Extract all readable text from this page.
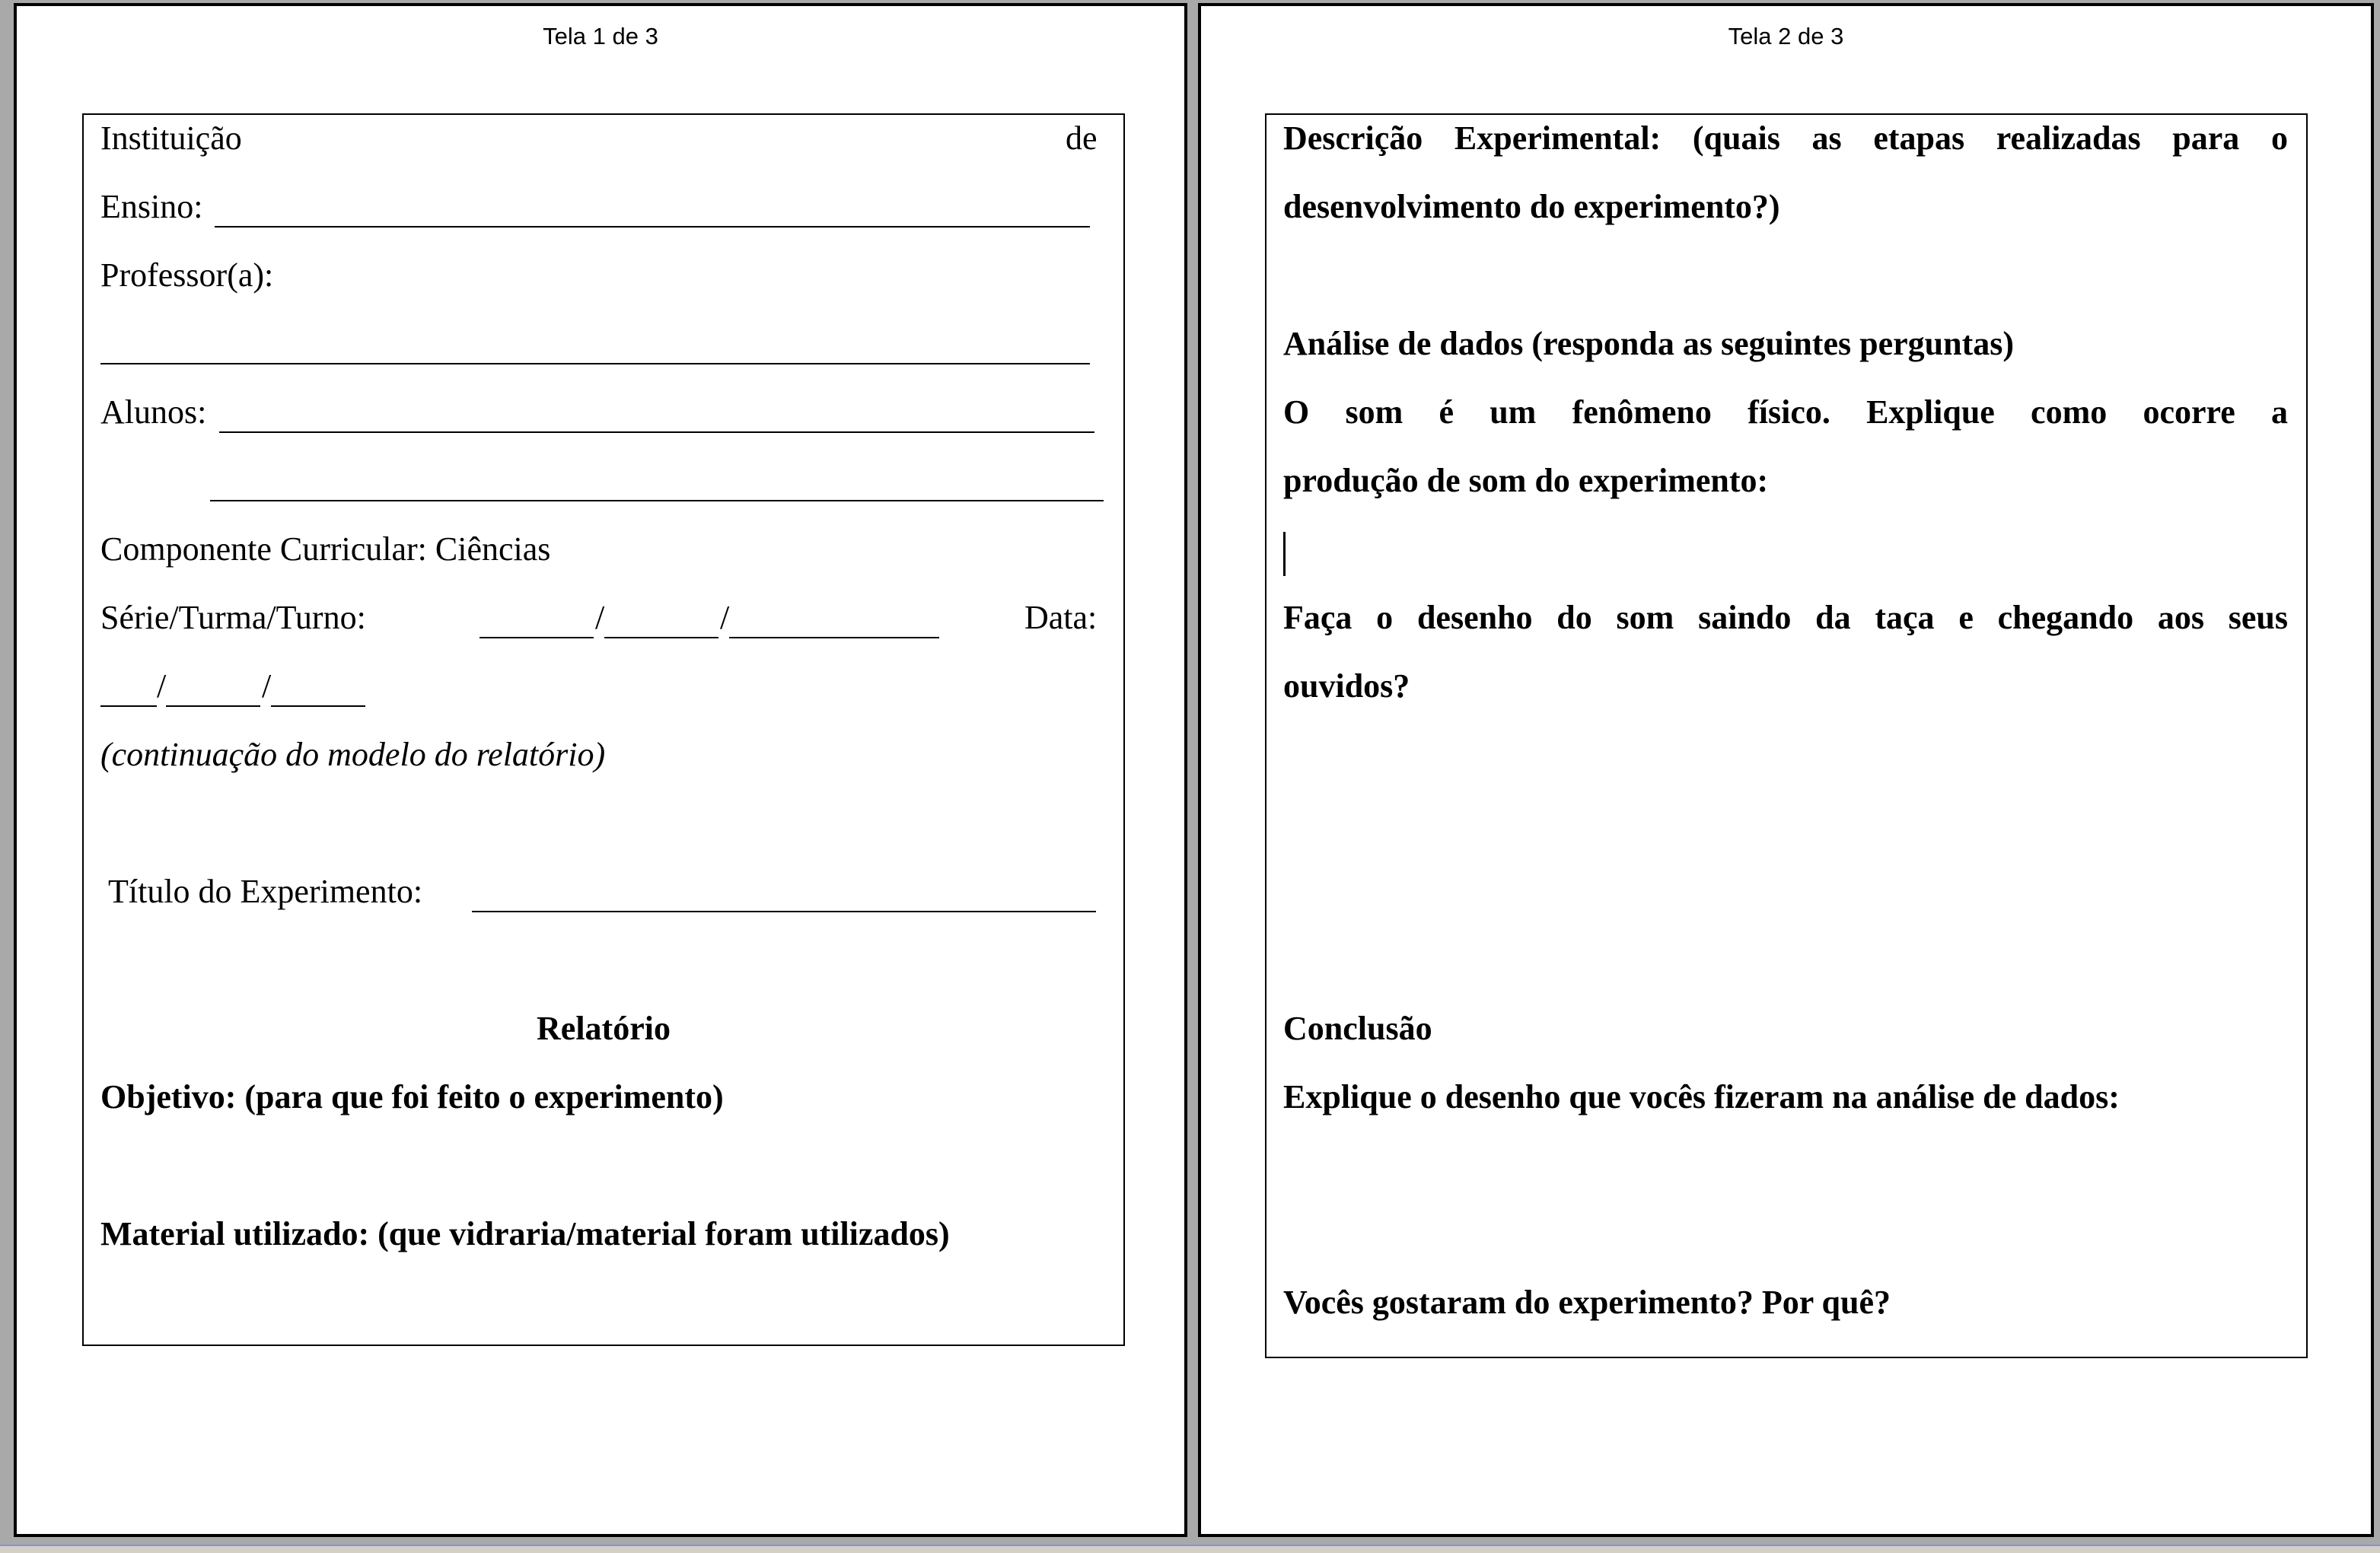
Tela 1 de 3
Instituição	de
Ensino:
Professor(a):
Alunos:
Componente Curricular: Ciências
Série/Turma/Turno:	/	/	Data:
/	/
(continuação do modelo do relatório)
Título do Experimento:
Relatório
Objetivo: (para que foi feito o experimento)
Material utilizado: (que vidraria/material foram utilizados)
Tela 2 de 3
Descrição Experimental: (quais as etapas realizadas para o
desenvolvimento do experimento?)
Análise de dados (responda as seguintes perguntas)
O som é um fenômeno físico. Explique como ocorre a
produção de som do experimento:
Faça o desenho do som saindo da taça e chegando aos seus
ouvidos?
Conclusão
Explique o desenho que vocês fizeram na análise de dados:
Vocês gostaram do experimento? Por quê?
